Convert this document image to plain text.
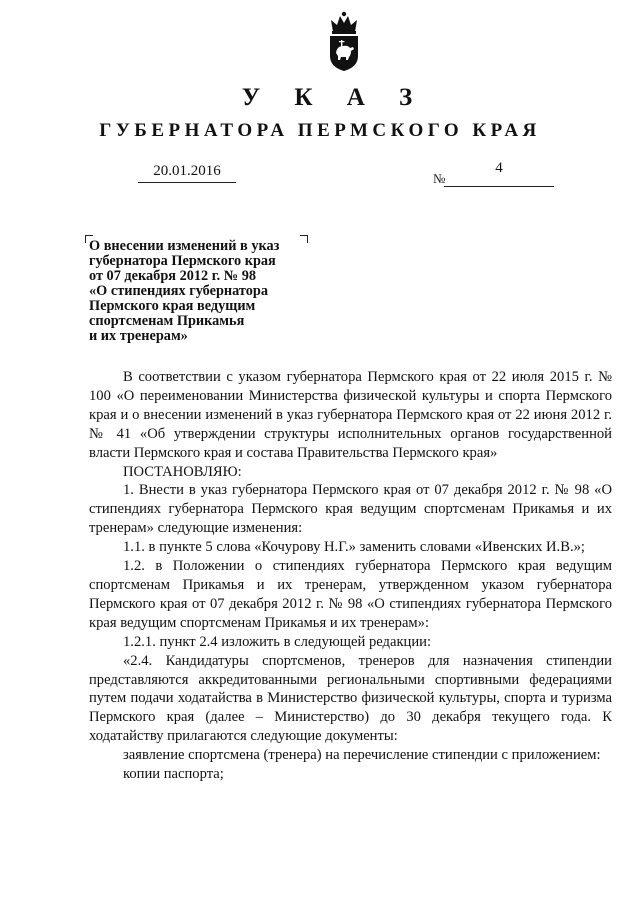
У К А З
ГУБЕРНАТОРА ПЕРМСКОГО КРАЯ
20.01.2016	№
4
О внесении изменений в указ
губернатора Пермского края
от 07 декабря 2012 г. № 98
«О стипендиях губернатора
Пермского края ведущим
спортсменам Прикамья
и их тренерам»

В соответствии с указом губернатора Пермского края от 22 июля 2015 г. № 100 «О переименовании Министерства физической культуры и спорта Пермского края и о внесении изменений в указ губернатора Пермского края от 22 июня 2012 г. № 41 «Об утверждении структуры исполнительных органов государственной власти Пермского края и состава Правительства Пермского края»

ПОСТАНОВЛЯЮ:

1. Внести в указ губернатора Пермского края от 07 декабря 2012 г. № 98 «О стипендиях губернатора Пермского края ведущим спортсменам Прикамья и их тренерам» следующие изменения:

1.1. в пункте 5 слова «Кочурову Н.Г.» заменить словами «Ивенских И.В.»;

1.2. в Положении о стипендиях губернатора Пермского края ведущим спортсменам Прикамья и их тренерам, утвержденном указом губернатора Пермского края от 07 декабря 2012 г. № 98 «О стипендиях губернатора Пермского края ведущим спортсменам Прикамья и их тренерам»:

1.2.1. пункт 2.4 изложить в следующей редакции:

«2.4. Кандидатуры спортсменов, тренеров для назначения стипендии представляются аккредитованными региональными спортивными федерациями путем подачи ходатайства в Министерство физической культуры, спорта и туризма Пермского края (далее – Министерство) до 30 декабря текущего года. К ходатайству прилагаются следующие документы:

заявление спортсмена (тренера) на перечисление стипендии с приложением:

копии паспорта;
